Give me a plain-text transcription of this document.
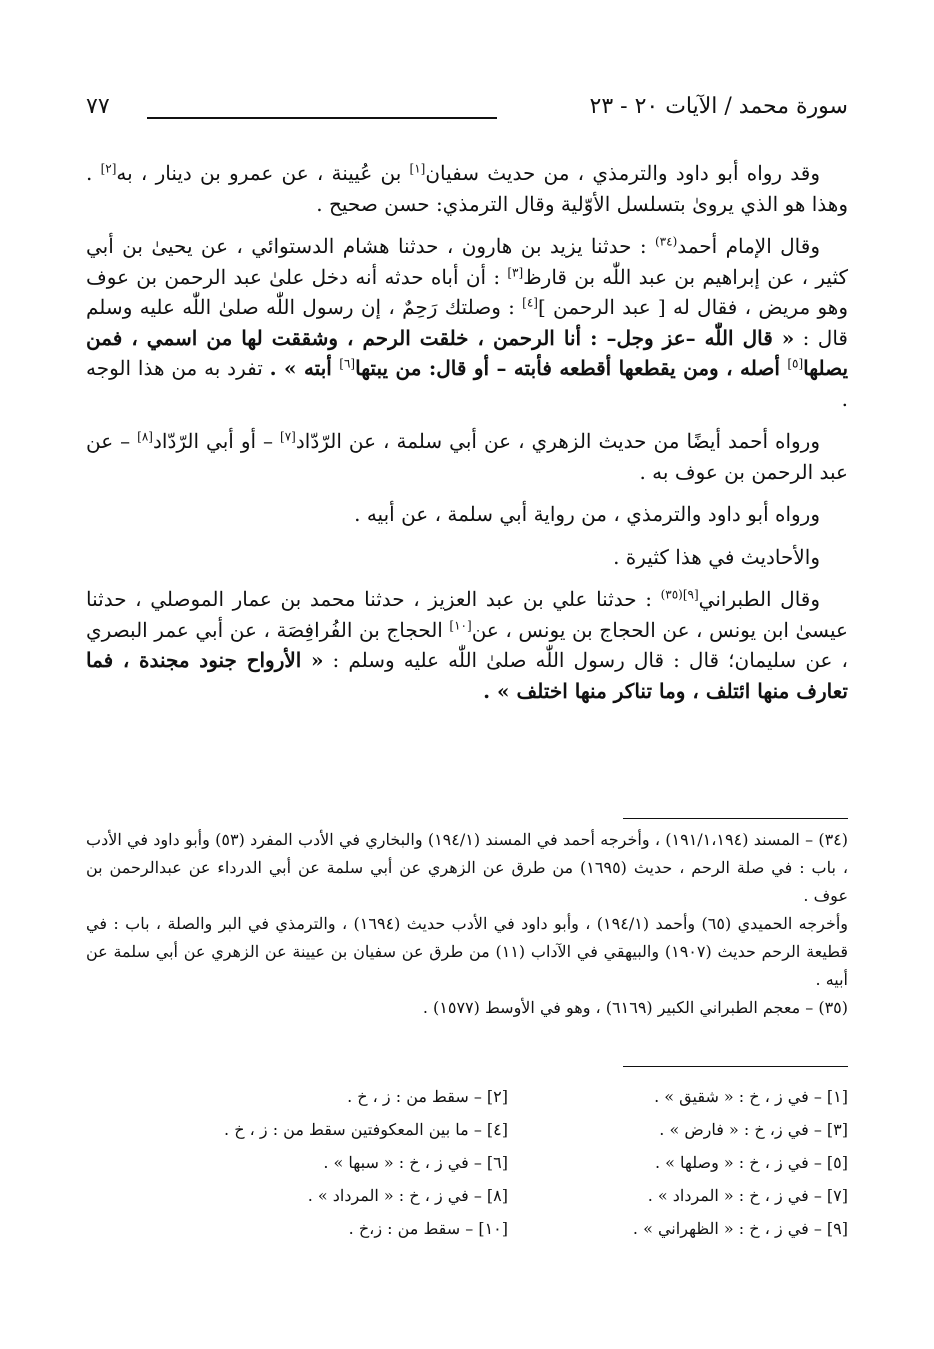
سورة محمد / الآيات ٢٠ - ٢٣
٧٧

وقد رواه أبو داود والترمذي ، من حديث سفيان[١] بن عُيينة ، عن عمرو بن دينار ، به[٢] . وهذا هو الذي يروىٰ بتسلسل الأوّلية وقال الترمذي: حسن صحيح .

وقال الإمام أحمد$^{(٣٤)}$ : حدثنا يزيد بن هارون ، حدثنا هشام الدستوائي ، عن يحيىٰ بن أبي كثير ، عن إبراهيم بن عبد اللّٰه بن قارظ[٣] : أن أباه حدثه أنه دخل علىٰ عبد الرحمن بن عوف وهو مريض ، فقال له [ عبد الرحمن ][٤] : وصلتك رَحِمٌ ، إن رسول اللّٰه صلىٰ اللّٰه عليه وسلم قال : « قال اللّٰه –عز وجل– : أنا الرحمن ، خلقت الرحم ، وشققت لها من اسمي ، فمن يصلها[٥] أصله ، ومن يقطعها أقطعه فأبته – أو قال: من يبتها[٦] أبته » . تفرد به من هذا الوجه .

ورواه أحمد أيضًا من حديث الزهري ، عن أبي سلمة ، عن الرّدّاد[٧] – أو أبي الرّدّاد[٨] – عن عبد الرحمن بن عوف به .

ورواه أبو داود والترمذي ، من رواية أبي سلمة ، عن أبيه .

والأحاديث في هذا كثيرة .

وقال الطبراني$^{[٩](٣٥)}$ : حدثنا علي بن عبد العزيز ، حدثنا محمد بن عمار الموصلي ، حدثنا عيسىٰ ابن يونس ، عن الحجاج بن يونس ، عن[١٠] الحجاج بن الفُرافِصَة ، عن أبي عمر البصري ، عن سليمان؛ قال : قال رسول اللّٰه صلىٰ اللّٰه عليه وسلم : « الأرواح جنود مجندة ، فما تعارف منها ائتلف ، وما تناكر منها اختلف » .

(٣٤) – المسند (١٩١/١،١٩٤) ، وأخرجه أحمد في المسند (١٩٤/١) والبخاري في الأدب المفرد (٥٣) وأبو داود في الأدب ، باب : في صلة الرحم ، حديث (١٦٩٥) من طرق عن الزهري عن أبي سلمة عن أبي الدرداء عن عبدالرحمن بن عوف .

وأخرجه الحميدي (٦٥) وأحمد (١٩٤/١) ، وأبو داود في الأدب حديث (١٦٩٤) ، والترمذي في البر والصلة ، باب : في قطيعة الرحم حديث (١٩٠٧) والبيهقي في الآداب (١١) من طرق عن سفيان بن عيينة عن الزهري عن أبي سلمة عن أبيه .

(٣٥) – معجم الطبراني الكبير (٦١٦٩) ، وهو في الأوسط (١٥٧٧) .

[١] – في ز ، خ : « شقيق » .
[٢] – سقط من : ز ، خ .
[٣] – في ز، خ : « فارض » .
[٤] – ما بين المعكوفتين سقط من : ز ، خ .
[٥] – في ز ، خ : « وصلها » .
[٦] – في ز ، خ : « سبها » .
[٧] – في ز ، خ : « المرداد » .
[٨] – في ز ، خ : « المرداد » .
[٩] – في ز ، خ : « الظهراني » .
[١٠] – سقط من : ز،خ .
